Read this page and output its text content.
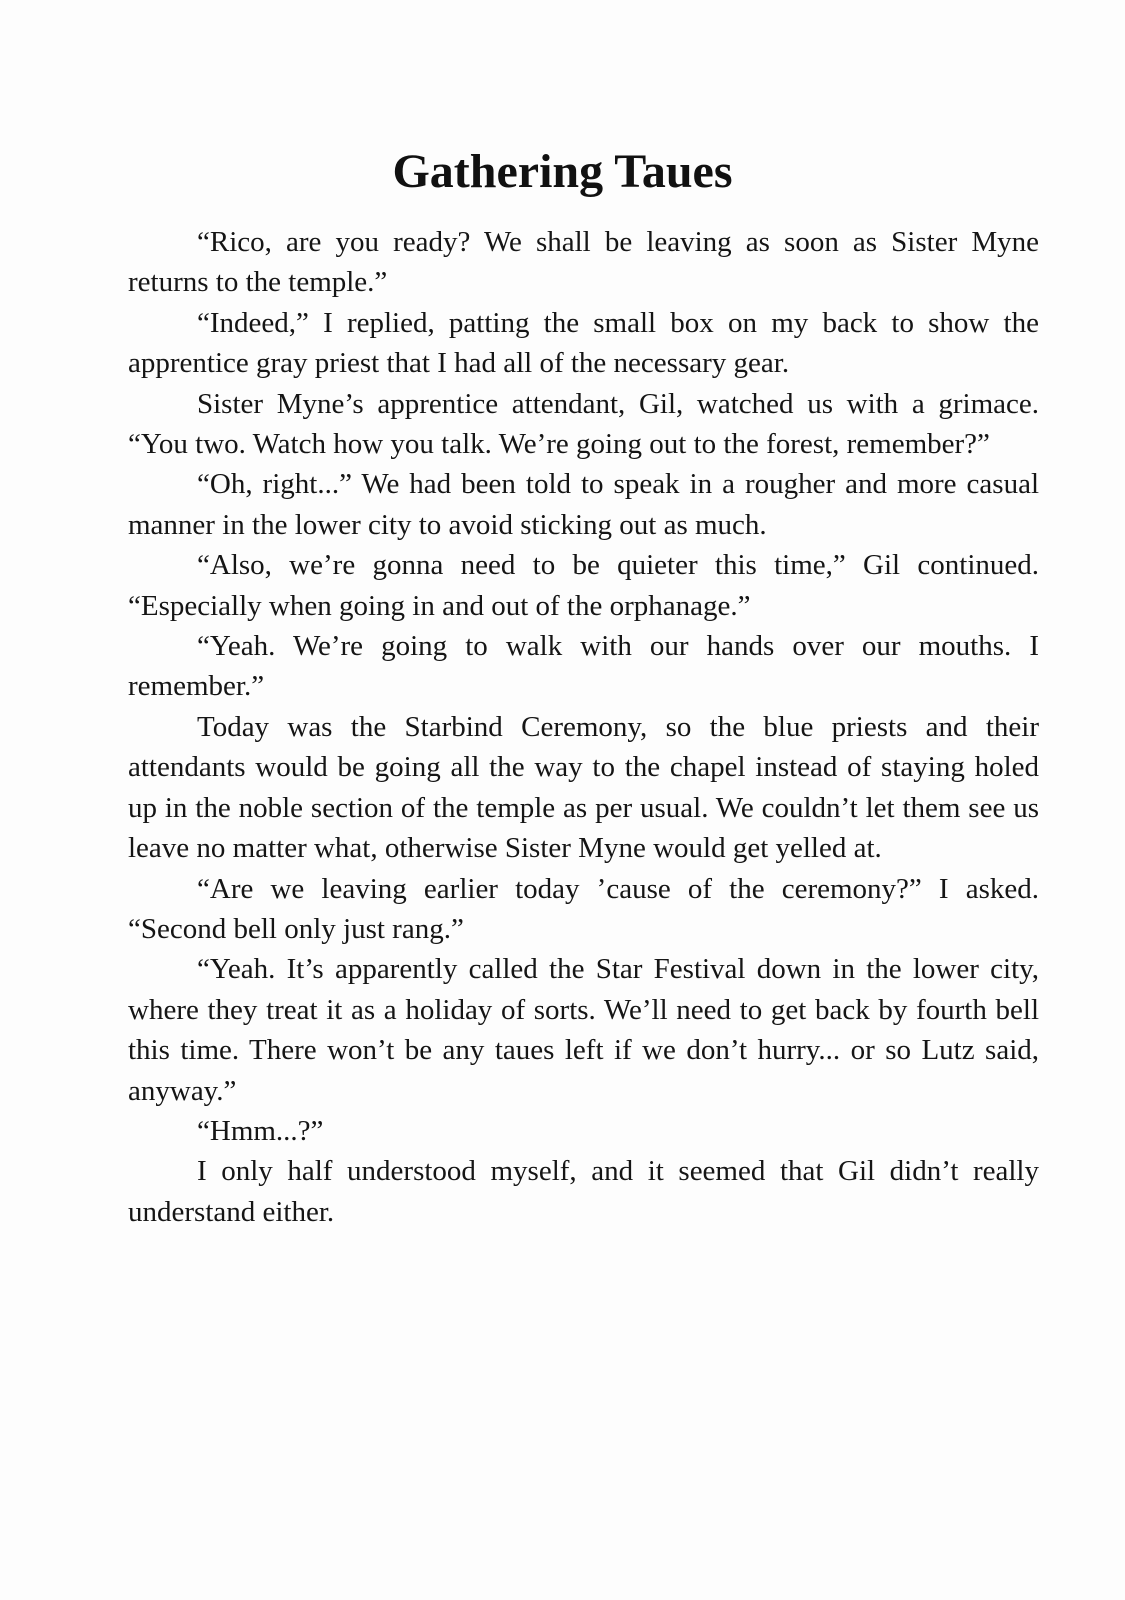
Gathering Taues

“Rico, are you ready? We shall be leaving as soon as Sister Myne returns to the temple.”

“Indeed,” I replied, patting the small box on my back to show the apprentice gray priest that I had all of the necessary gear.

Sister Myne’s apprentice attendant, Gil, watched us with a grimace. “You two. Watch how you talk. We’re going out to the forest, remember?”

“Oh, right...” We had been told to speak in a rougher and more casual manner in the lower city to avoid sticking out as much.

“Also, we’re gonna need to be quieter this time,” Gil continued. “Especially when going in and out of the orphanage.”

“Yeah. We’re going to walk with our hands over our mouths. I remember.”

Today was the Starbind Ceremony, so the blue priests and their attendants would be going all the way to the chapel instead of staying holed up in the noble section of the temple as per usual. We couldn’t let them see us leave no matter what, otherwise Sister Myne would get yelled at.

“Are we leaving earlier today ’cause of the ceremony?” I asked. “Second bell only just rang.”

“Yeah. It’s apparently called the Star Festival down in the lower city, where they treat it as a holiday of sorts. We’ll need to get back by fourth bell this time. There won’t be any taues left if we don’t hurry... or so Lutz said, anyway.”

“Hmm...?”

I only half understood myself, and it seemed that Gil didn’t really understand either.
